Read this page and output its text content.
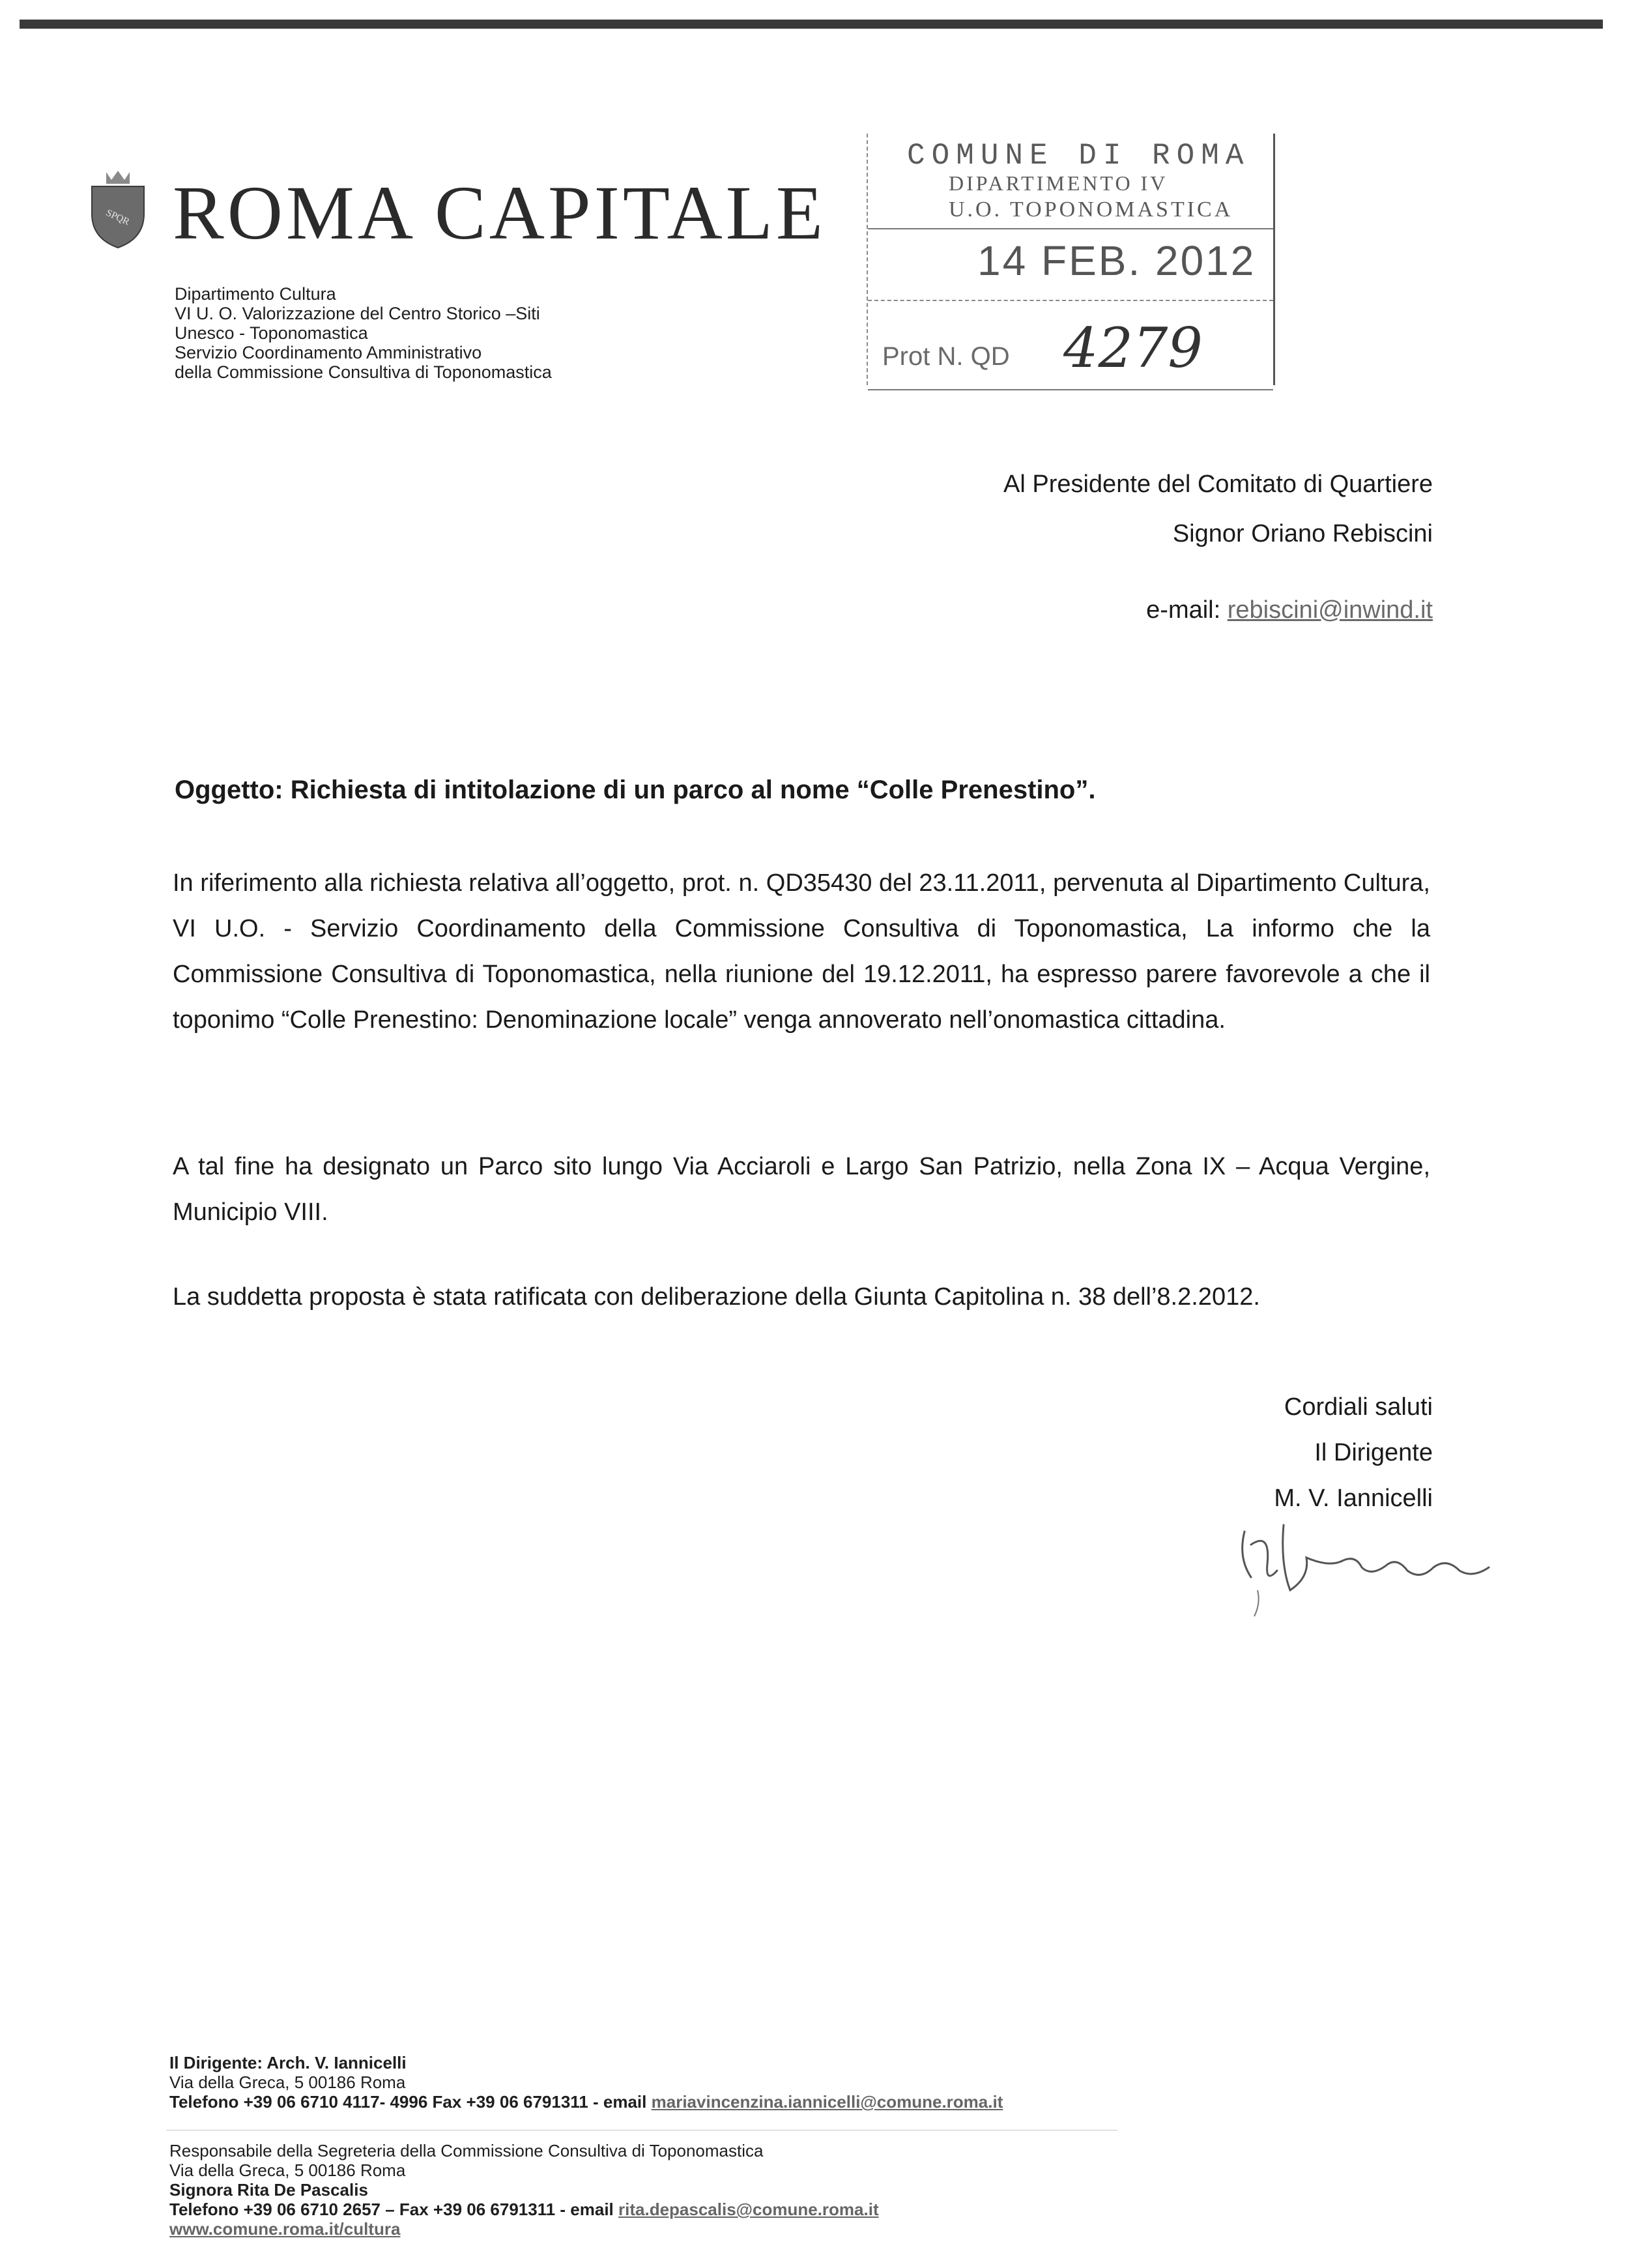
SPQR ROMA CAPITALE
Dipartimento Cultura
VI U. O. Valorizzazione del Centro Storico –Siti
Unesco - Toponomastica
Servizio Coordinamento Amministrativo
della Commissione Consultiva di Toponomastica
COMUNE DI ROMA
DIPARTIMENTO IV
U.O. TOPONOMASTICA
14 FEB. 2012
Prot N. QD 4279
Al Presidente del Comitato di Quartiere
Signor Oriano Rebiscini
e-mail: rebiscini@inwind.it
Oggetto: Richiesta di intitolazione di un parco al nome “Colle Prenestino”.
In riferimento alla richiesta relativa all’oggetto, prot. n. QD35430 del 23.11.2011, pervenuta al Dipartimento Cultura, VI U.O. - Servizio Coordinamento della Commissione Consultiva di Toponomastica, La informo che la Commissione Consultiva di Toponomastica, nella riunione del 19.12.2011, ha espresso parere favorevole a che il toponimo “Colle Prenestino: Denominazione locale” venga annoverato nell’onomastica cittadina.
A tal fine ha designato un Parco sito lungo Via Acciaroli e Largo San Patrizio, nella Zona IX – Acqua Vergine, Municipio VIII.
La suddetta proposta è stata ratificata con deliberazione della Giunta Capitolina n. 38 dell’8.2.2012.
Cordiali saluti
Il Dirigente
M. V. Iannicelli
Il Dirigente: Arch. V. Iannicelli
Via della Greca, 5 00186 Roma
Telefono +39 06 6710 4117- 4996 Fax +39 06 6791311 - email mariavincenzina.iannicelli@comune.roma.it
Responsabile della Segreteria della Commissione Consultiva di Toponomastica
Via della Greca, 5 00186 Roma
Signora Rita De Pascalis
Telefono +39 06 6710 2657 – Fax +39 06 6791311 - email rita.depascalis@comune.roma.it
www.comune.roma.it/cultura
